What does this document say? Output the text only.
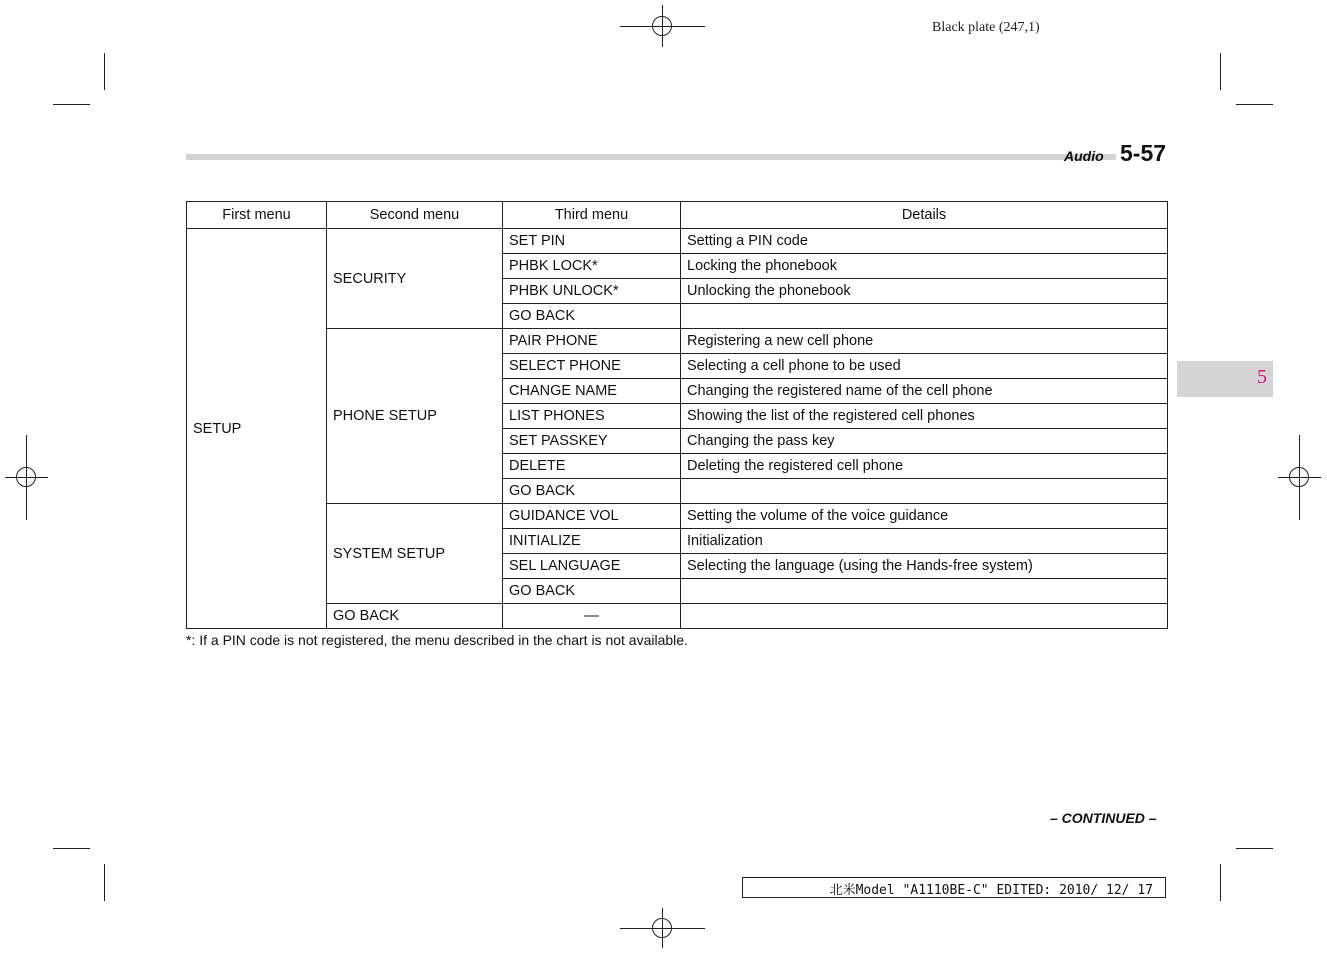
Black plate (247,1)
Audio 5-57
5
First menu	Second menu	Third menu	Details
SETUP	SECURITY	SET PIN	Setting a PIN code
		PHBK LOCK*	Locking the phonebook
		PHBK UNLOCK*	Unlocking the phonebook
		GO BACK	
	PHONE SETUP	PAIR PHONE	Registering a new cell phone
		SELECT PHONE	Selecting a cell phone to be used
		CHANGE NAME	Changing the registered name of the cell phone
		LIST PHONES	Showing the list of the registered cell phones
		SET PASSKEY	Changing the pass key
		DELETE	Deleting the registered cell phone
		GO BACK	
	SYSTEM SETUP	GUIDANCE VOL	Setting the volume of the voice guidance
		INITIALIZE	Initialization
		SEL LANGUAGE	Selecting the language (using the Hands-free system)
		GO BACK	
	GO BACK	—	
*: If a PIN code is not registered, the menu described in the chart is not available.
– CONTINUED –
北米Model "A1110BE-C" EDITED: 2010/ 12/ 17
